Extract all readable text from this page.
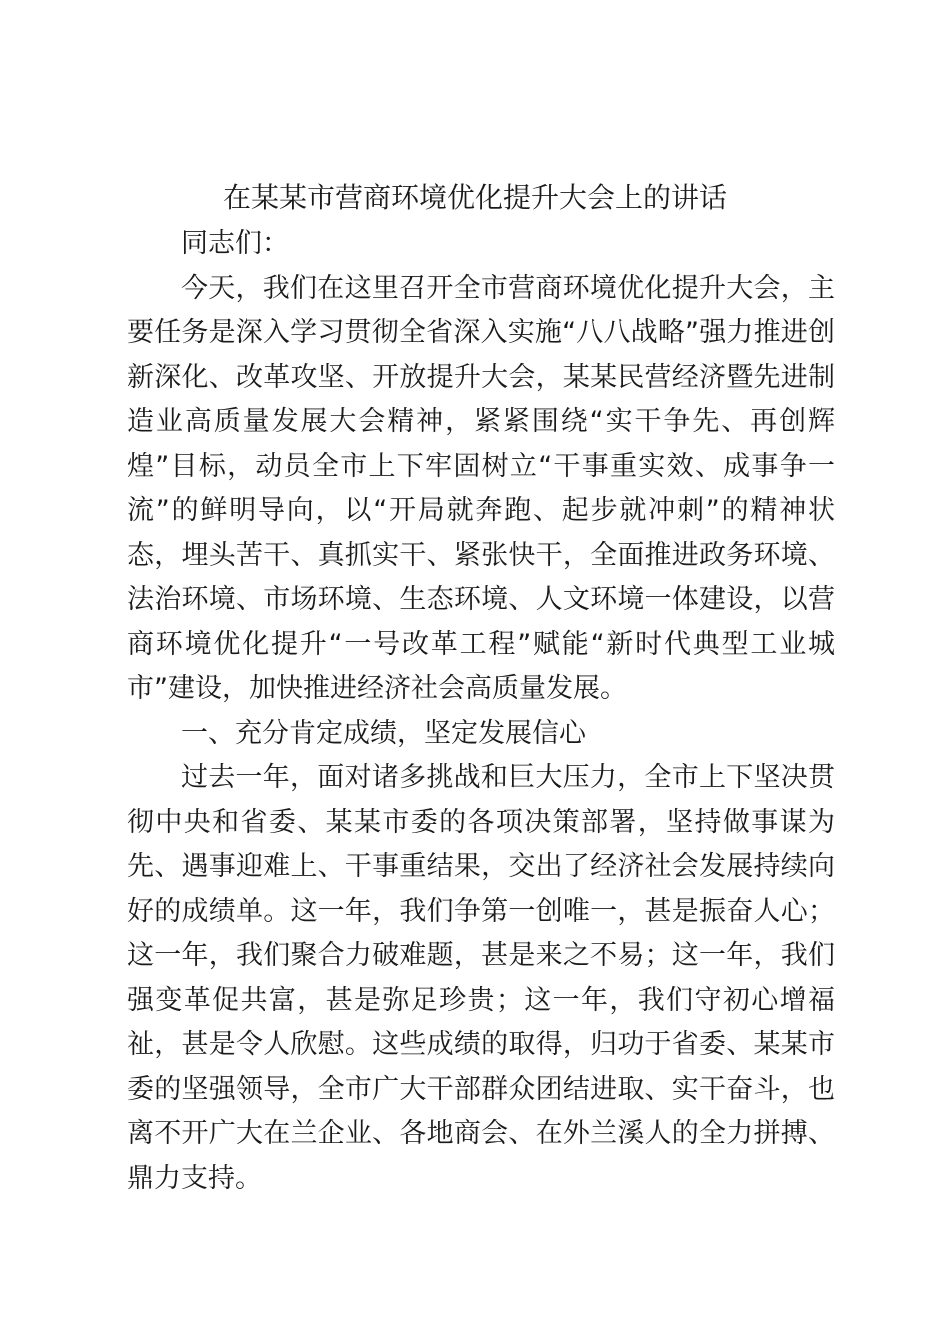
在某某市营商环境优化提升大会上的讲话

同志们：

今天，我们在这里召开全市营商环境优化提升大会，主要任务是深入学习贯彻全省深入实施“八八战略”强力推进创新深化、改革攻坚、开放提升大会，某某民营经济暨先进制造业高质量发展大会精神，紧紧围绕“实干争先、再创辉煌”目标，动员全市上下牢固树立“干事重实效、成事争一流”的鲜明导向，以“开局就奔跑、起步就冲刺”的精神状态，埋头苦干、真抓实干、紧张快干，全面推进政务环境、法治环境、市场环境、生态环境、人文环境一体建设，以营商环境优化提升“一号改革工程”赋能“新时代典型工业城市”建设，加快推进经济社会高质量发展。

一、充分肯定成绩，坚定发展信心

过去一年，面对诸多挑战和巨大压力，全市上下坚决贯彻中央和省委、某某市委的各项决策部署，坚持做事谋为先、遇事迎难上、干事重结果，交出了经济社会发展持续向好的成绩单。这一年，我们争第一创唯一，甚是振奋人心；这一年，我们聚合力破难题，甚是来之不易；这一年，我们强变革促共富，甚是弥足珍贵；这一年，我们守初心增福祉，甚是令人欣慰。这些成绩的取得，归功于省委、某某市委的坚强领导，全市广大干部群众团结进取、实干奋斗，也离不开广大在兰企业、各地商会、在外兰溪人的全力拼搏、鼎力支持。
